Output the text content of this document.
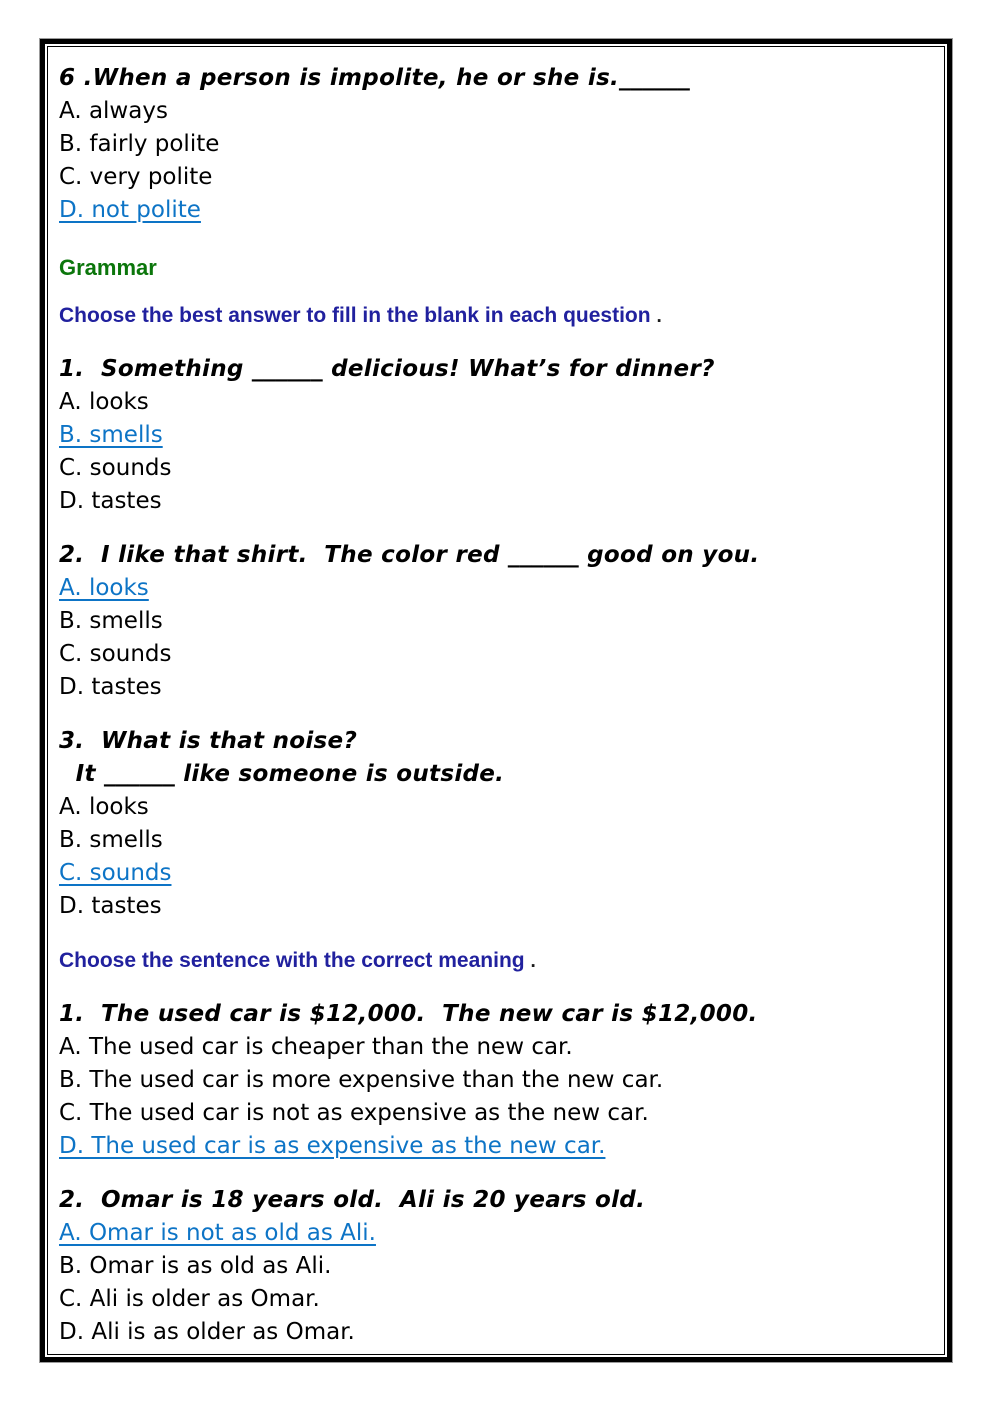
6 .When a person is impolite, he or she is.______

A. always

B. fairly polite

C. very polite

D. not polite

Grammar

Choose the best answer to fill in the blank in each question .

1.  Something ______ delicious! What’s for dinner?

A. looks

B. smells

C. sounds

D. tastes

2.  I like that shirt.  The color red ______ good on you.

A. looks

B. smells

C. sounds

D. tastes

3.  What is that noise?

It ______ like someone is outside.

A. looks

B. smells

C. sounds

D. tastes

Choose the sentence with the correct meaning .

1.  The used car is $12,000.  The new car is $12,000.

A. The used car is cheaper than the new car.

B. The used car is more expensive than the new car.

C. The used car is not as expensive as the new car.

D. The used car is as expensive as the new car.

2.  Omar is 18 years old.  Ali is 20 years old.

A. Omar is not as old as Ali.

B. Omar is as old as Ali.

C. Ali is older as Omar.

D. Ali is as older as Omar.
